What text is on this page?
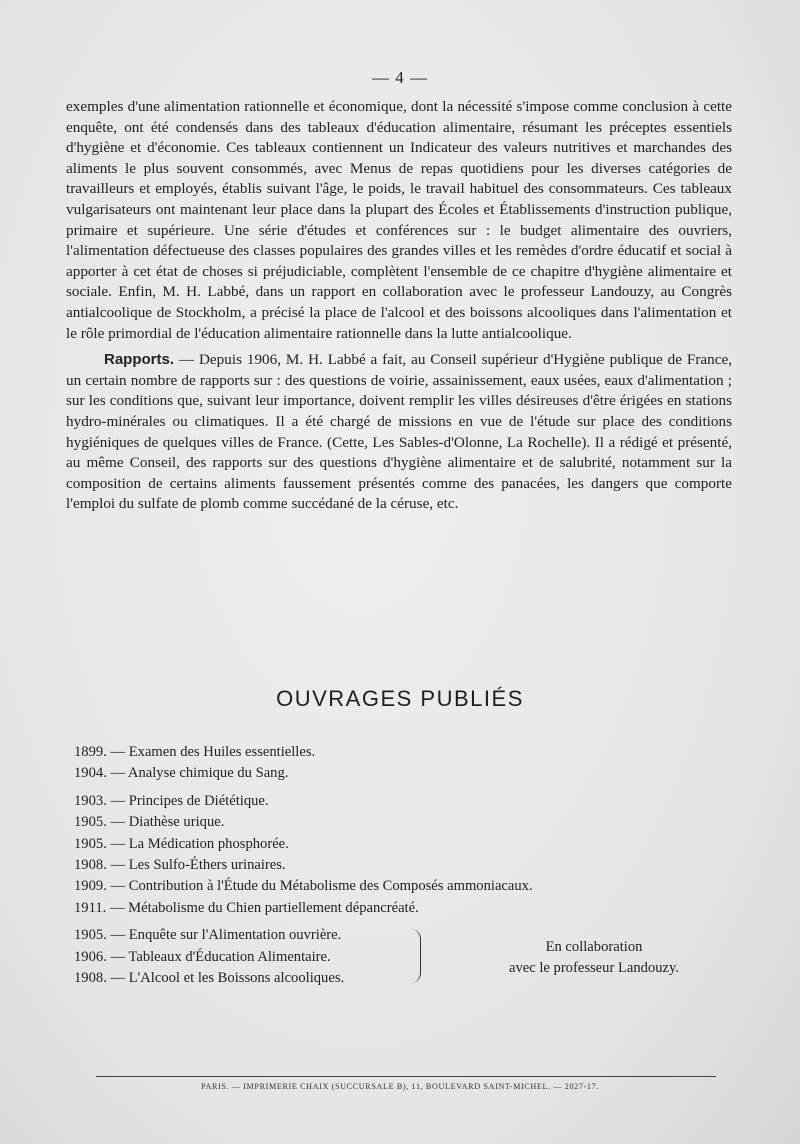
— 4 —

exemples d'une alimentation rationnelle et économique, dont la nécessité s'impose comme conclusion à cette enquête, ont été condensés dans des tableaux d'éducation alimentaire, résumant les préceptes essentiels d'hygiène et d'économie. Ces tableaux contiennent un Indicateur des valeurs nutritives et marchandes des aliments le plus souvent consommés, avec Menus de repas quotidiens pour les diverses catégories de travailleurs et employés, établis suivant l'âge, le poids, le travail habituel des consommateurs. Ces tableaux vulgarisateurs ont maintenant leur place dans la plupart des Écoles et Établissements d'instruction publique, primaire et supérieure. Une série d'études et conférences sur : le budget alimentaire des ouvriers, l'alimentation défectueuse des classes populaires des grandes villes et les remèdes d'ordre éducatif et social à apporter à cet état de choses si préjudiciable, complètent l'ensemble de ce chapitre d'hygiène alimentaire et sociale. Enfin, M. H. Labbé, dans un rapport en collaboration avec le professeur Landouzy, au Congrès antialcoolique de Stockholm, a précisé la place de l'alcool et des boissons alcooliques dans l'alimentation et le rôle primordial de l'éducation alimentaire rationnelle dans la lutte antialcoolique.

Rapports. — Depuis 1906, M. H. Labbé a fait, au Conseil supérieur d'Hygiène publique de France, un certain nombre de rapports sur : des questions de voirie, assainissement, eaux usées, eaux d'alimentation ; sur les conditions que, suivant leur importance, doivent remplir les villes désireuses d'être érigées en stations hydro-minérales ou climatiques. Il a été chargé de missions en vue de l'étude sur place des conditions hygiéniques de quelques villes de France. (Cette, Les Sables-d'Olonne, La Rochelle). Il a rédigé et présenté, au même Conseil, des rapports sur des questions d'hygiène alimentaire et de salubrité, notamment sur la composition de certains aliments faussement présentés comme des panacées, les dangers que comporte l'emploi du sulfate de plomb comme succédané de la céruse, etc.

OUVRAGES PUBLIÉS
1899. — Examen des Huiles essentielles.
1904. — Analyse chimique du Sang.
1903. — Principes de Diététique.
1905. — Diathèse urique.
1905. — La Médication phosphorée.
1908. — Les Sulfo-Éthers urinaires.
1909. — Contribution à l'Étude du Métabolisme des Composés ammoniacaux.
1911. — Métabolisme du Chien partiellement dépancréaté.
1905. — Enquête sur l'Alimentation ouvrière.
1906. — Tableaux d'Éducation Alimentaire.
1908. — L'Alcool et les Boissons alcooliques.
En collaboration
avec le professeur Landouzy.
PARIS. — IMPRIMERIE CHAIX (SUCCURSALE B), 11, BOULEVARD SAINT-MICHEL. — 2027-17.
